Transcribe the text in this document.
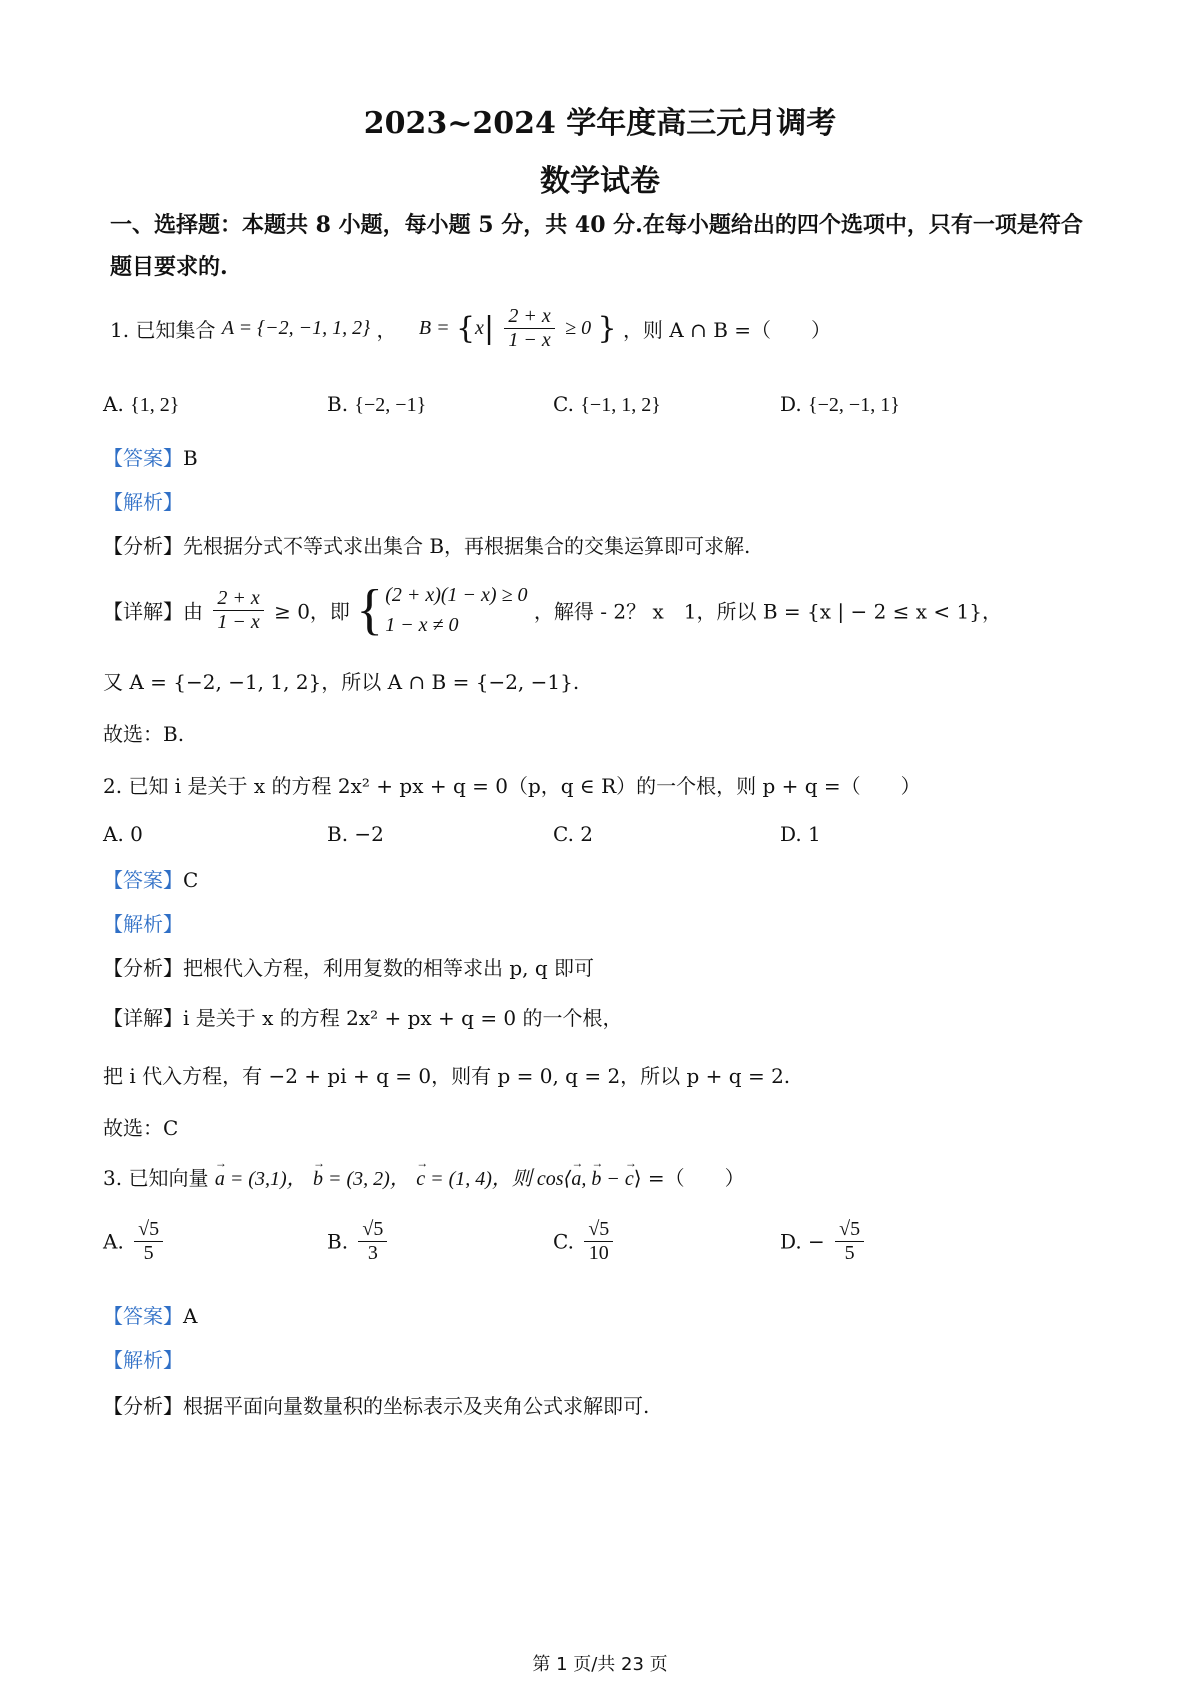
2023~2024 学年度高三元月调考
数学试卷
一、选择题：本题共 8 小题，每小题 5 分，共 40 分.在每小题给出的四个选项中，只有一项是符合题目要求的.
1. 已知集合 A = {−2, −1, 1, 2} ， $B = \{x| \frac{2 + x}{1 - x} \ge 0$ } ，则 A ∩ B =（　　）
A. {1, 2}	B. {−2, −1}	C. {−1, 1, 2}	D. {−2, −1, 1}
【答案】B
【解析】
【分析】先根据分式不等式求出集合 B，再根据集合的交集运算即可求解.
【详解】由 $\frac{2 + x}{1 - x} \ge 0$，即 { (2 + x)(1 − x) ≥ 0
1 − x ≠ 0
，解得 - 2？ x　1，所以 B = {x | − 2 ≤ x < 1}，
又 A = {−2, −1, 1, 2}，所以 A ∩ B = {−2, −1}.
故选：B.
2. 已知 i 是关于 x 的方程 2x² + px + q = 0（p，q ∈ R）的一个根，则 p + q =（　　）
A. 0	B. −2	C. 2	D. 1
【答案】C
【解析】
【分析】把根代入方程，利用复数的相等求出 p, q 即可
【详解】i 是关于 x 的方程 2x² + px + q = 0 的一个根，
把 i 代入方程，有 −2 + pi + q = 0，则有 p = 0, q = 2，所以 p + q = 2.
故选：C
3. 已知向量 → a = (3,1)， → b = (3, 2)， → c = (1, 4)，则 cos⟨→ a, → b − → c⟩ =（　　）
A. $\frac{√5}{5}$	B. $\frac{√5}{3}$	C. $\frac{√5}{10}$	D. − $\frac{√5}{5}$
【答案】A
【解析】
【分析】根据平面向量数量积的坐标表示及夹角公式求解即可.
第 1 页/共 23 页
